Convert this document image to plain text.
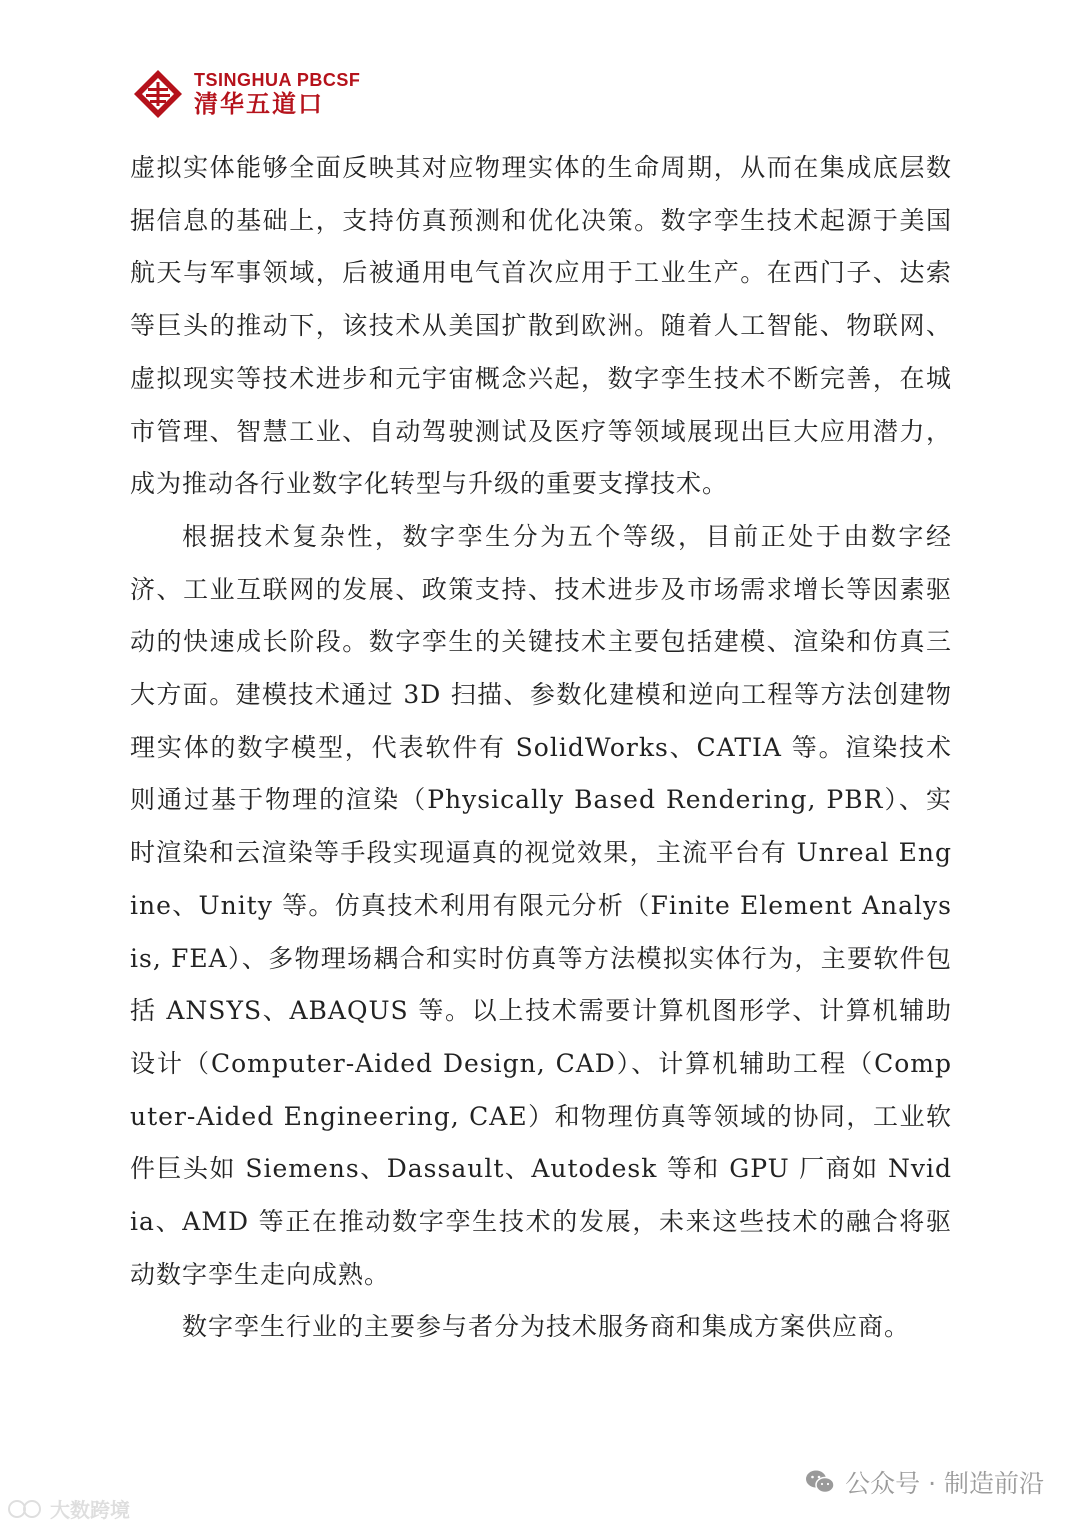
TSINGHUA PBCSF
清华五道口

虚拟实体能够全面反映其对应物理实体的生命周期，从而在集成底层数据信息的基础上，支持仿真预测和优化决策。数字孪生技术起源于美国航天与军事领域，后被通用电气首次应用于工业生产。在西门子、达索等巨头的推动下，该技术从美国扩散到欧洲。随着人工智能、物联网、虚拟现实等技术进步和元宇宙概念兴起，数字孪生技术不断完善，在城市管理、智慧工业、自动驾驶测试及医疗等领域展现出巨大应用潜力，成为推动各行业数字化转型与升级的重要支撑技术。

根据技术复杂性，数字孪生分为五个等级，目前正处于由数字经济、工业互联网的发展、政策支持、技术进步及市场需求增长等因素驱动的快速成长阶段。数字孪生的关键技术主要包括建模、渲染和仿真三大方面。建模技术通过 3D 扫描、参数化建模和逆向工程等方法创建物理实体的数字模型，代表软件有 SolidWorks、CATIA 等。渲染技术则通过基于物理的渲染（Physically Based Rendering, PBR）、实时渲染和云渲染等手段实现逼真的视觉效果，主流平台有 Unreal Engine、Unity 等。仿真技术利用有限元分析（Finite Element Analysis, FEA）、多物理场耦合和实时仿真等方法模拟实体行为，主要软件包括 ANSYS、ABAQUS 等。以上技术需要计算机图形学、计算机辅助设计（Computer-Aided Design, CAD）、计算机辅助工程（Computer-Aided Engineering, CAE）和物理仿真等领域的协同，工业软件巨头如 Siemens、Dassault、Autodesk 等和 GPU 厂商如 Nvidia、AMD 等正在推动数字孪生技术的发展，未来这些技术的融合将驱动数字孪生走向成熟。

数字孪生行业的主要参与者分为技术服务商和集成方案供应商。

大数跨境
公众号 · 制造前沿
